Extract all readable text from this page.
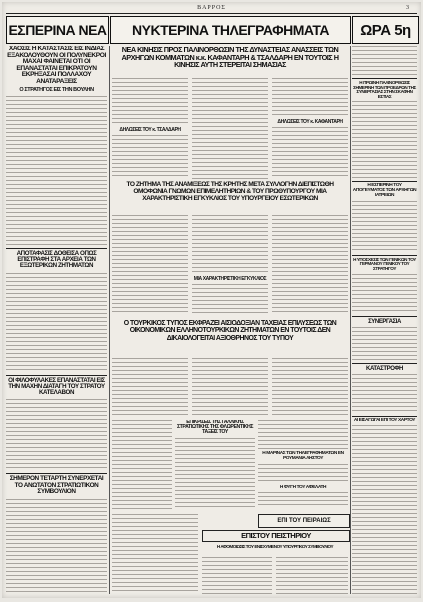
ΒΑΡΡΟΣ	3
ΕΣΠΕΡΙΝΑ ΝΕΑ	ΝΥΚΤΕΡΙΝΑ ΤΗΛΕΓΡΑΦΗΜΑΤΑ	ΩΡΑ 5η
ΧΑΟΣΙΣ Η ΚΑΤΑΣΤΑΣΙΣ ΕΙΣ ΙΝΔΙΑΣ ΕΞΑΚΟΛΟΥΘΟΥΝ ΟΙ ΠΟΛΥΝΕΚΡΟΙ ΜΑΧΑΙ ΦΑΙΝΕΤΑΙ ΟΤΙ ΟΙ ΕΠΑΝΑΣΤΑΤΑΙ ΕΠΙΚΡΑΤΟΥΝ ΕΚΡΗΞΑΣΑΙ ΠΟΛΛΑΧΟΥ ΑΝΑΤΑΡΑΞΕΙΣ
Ο ΣΤΡΑΤΗΓΟΣ ΕΙΣ ΤΗΝ ΒΟΥΛΗΝ
ΑΠΟΤΑΦΑΣΙΣ ΔΟΘΕΙΣΑ ΟΠΩΣ ΕΠΙΣΤΡΑΦΗ ΣΤΑ ΑΡΧΕΙΑ ΤΩΝ ΕΞΩΤΕΡΙΚΩΝ ΖΗΤΗΜΑΤΩΝ
ΟΙ ΦΙΛΟΦΥΛΑΚΕΣ ΕΠΑΝΑΣΤΑΤΑΙ ΕΙΣ ΤΗΝ ΜΑΧΗΝ ΔΙΑΤΑΓΗ ΤΟΥ ΣΤΡΑΤΟΥ ΚΑΤΕΛΑΒΟΝ
ΣΗΜΕΡΟΝ ΤΕΤΑΡΤΗ ΣΥΝΕΡΧΕΤΑΙ ΤΟ ΑΝΩΤΑΤΟΝ ΣΤΡΑΤΙΩΤΙΚΟΝ ΣΥΜΒΟΥΛΙΟΝ
ΝΕΑ ΚΙΝΗΣΙΣ ΠΡΟΣ ΠΑΛΙΝΟΡΘΩΣΙΝ ΤΗΣ ΔΥΝΑΣΤΕΙΑΣ ΑΝΑΣΣΕΙΣ ΤΩΝ ΑΡΧΗΓΩΝ ΚΟΜΜΑΤΩΝ κ.κ. ΚΑΦΑΝΤΑΡΗ & ΤΣΑΛΔΑΡΗ ΕΝ ΤΟΥΤΟΙΣ Η ΚΙΝΗΣΙΣ ΑΥΤΗ ΣΤΕΡΕΙΤΑΙ ΣΗΜΑΣΙΑΣ
ΔΗΛΩΣΕΙΣ ΤΟΥ κ. ΤΣΑΛΔΑΡΗ
ΔΗΛΩΣΕΙΣ ΤΟΥ κ. ΚΑΦΑΝΤΑΡΗ
ΤΟ ΖΗΤΗΜΑ ΤΗΣ ΑΝΑΜΙΞΕΩΣ ΤΗΣ ΚΡΗΤΗΣ ΜΕΤΑ ΣΥΛΛΟΓΗΝ ΔΙΕΠΙΣΤΩΘΗ ΟΜΟΦΩΝΙΑ ΓΝΩΜΩΝ ΕΠΙΜΕΛΗΤΗΡΙΩΝ & ΤΟΥ ΠΡΩΘΥΠΟΥΡΓΟΥ ΜΙΑ ΧΑΡΑΚΤΗΡΙΣΤΙΚΗ ΕΓΚΥΚΛΙΟΣ ΤΟΥ ΥΠΟΥΡΓΕΙΟΥ ΕΣΩΤΕΡΙΚΩΝ
ΜΙΑ ΧΑΡΑΚΤΗΡΙΣΤΙΚΗ ΕΓΚΥΚΛΙΟΣ
Ο ΤΟΥΡΚΙΚΟΣ ΤΥΠΟΣ ΕΚΦΡΑΖΕΙ ΑΙΣΙΟΔΟΞΙΑΝ ΤΑΧΕΙΑΣ ΕΠΙΛΥΣΕΩΣ ΤΩΝ ΟΙΚΟΝΟΜΙΚΩΝ ΕΛΛΗΝΟΤΟΥΡΚΙΚΩΝ ΖΗΤΗΜΑΤΩΝ ΕΝ ΤΟΥΤΟΙΣ ΔΕΝ ΔΙΚΑΙΟΛΟΓΕΙΤΑΙ ΑΞΙΟΘΡΗΝΟΣ ΤΟΥ ΤΥΠΟΥ
ΕΠΙΚΡΙΣΕΙΣ ΤΗΣ ΓΑΛΛΙΚΗΣ ΣΤΡΑΤΙΩΤΙΚΗΣ ΤΗΣ ΦΛΩΡΕΝΤΙΚΗΣ ΤΑΞΕΙΣ ΤΟΥ
Η ΜΑΡΙΝΑΣ ΤΩΝ ΤΗΛΕΓΡΑΦΗΜΑΤΩΝ ΕΝ ΡΟΥΜΑΝΙΑ ΛΗΣΤΟΥ
Η ΦΥΓΗ ΤΟΥ ΑΦΕΛΑΤΗ
ΕΠΙ ΤΟΥ ΠΕΙΡΑΙΩΣ
ΕΠΙΣΤΟΥ ΠΕΙΣΤΗΡΙΟΥ
Η ΑΦΟΜΟΙΩΣΙΣ ΤΟΥ ΕΝΙΣΧΥΜΕΝΟΥ ΥΠΟΥΡΓΙΚΟΥ ΣΥΜΒΟΥΛΙΟΥ
Η ΠΡΩΙΝΗ ΠΑΛΙΝΟΡΘΩΣΙΣ ΣΗΜΕΡΙΝΗ ΤΩΝ ΠΡΟΕΔΡΩΝ ΤΗΣ ΣΥΝΕΡΓΑΣΙΑΣ ΣΤΗΝ ΣΚΑΦΗΝ ΕΣΤΙΑΣ
Η ΕΣΠΕΡΙΝΗ ΤΟΥ ΑΠΟΓΕΥΜΑΤΟΣ ΤΩΝ ΑΡΧΗΓΩΝ ΙΑΤΡΕΙΩΝ
Η ΥΠΟΣΧΕΣΙΣ ΤΩΝ ΓΕΝΙΚΩΝ ΤΟΥ ΓΕΡΜΑΝΟΥ ΓΕΝΙΚΟΥ ΤΟΥ ΣΤΡΑΤΗΓΟΥ
ΣΥΝΕΡΓΑΣΙΑ
ΚΑΤΑΣΤΡΟΦΗ
ΑΙ ΕΙΣΑΓΩΓΑΙ ΕΠΙ ΤΟΥ ΧΑΡΤΟΥ
